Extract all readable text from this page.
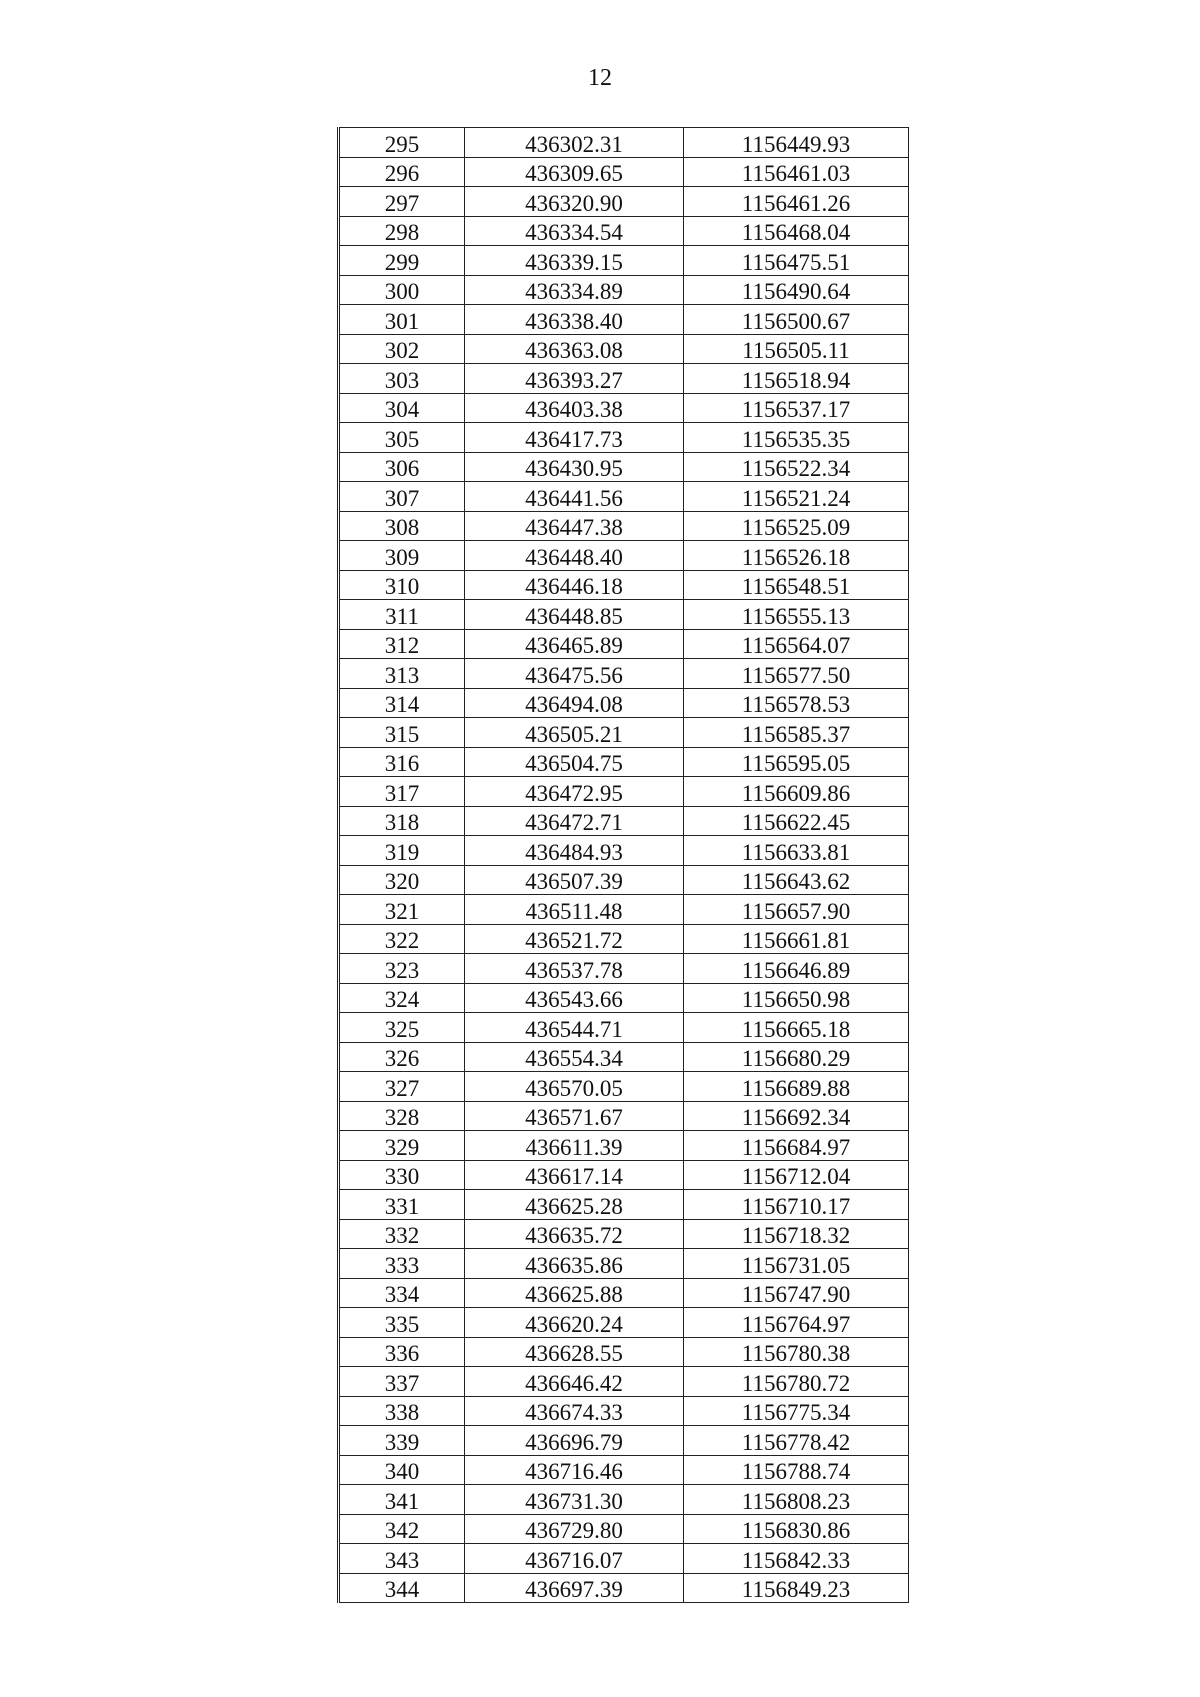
12
295	436302.31	1156449.93
296	436309.65	1156461.03
297	436320.90	1156461.26
298	436334.54	1156468.04
299	436339.15	1156475.51
300	436334.89	1156490.64
301	436338.40	1156500.67
302	436363.08	1156505.11
303	436393.27	1156518.94
304	436403.38	1156537.17
305	436417.73	1156535.35
306	436430.95	1156522.34
307	436441.56	1156521.24
308	436447.38	1156525.09
309	436448.40	1156526.18
310	436446.18	1156548.51
311	436448.85	1156555.13
312	436465.89	1156564.07
313	436475.56	1156577.50
314	436494.08	1156578.53
315	436505.21	1156585.37
316	436504.75	1156595.05
317	436472.95	1156609.86
318	436472.71	1156622.45
319	436484.93	1156633.81
320	436507.39	1156643.62
321	436511.48	1156657.90
322	436521.72	1156661.81
323	436537.78	1156646.89
324	436543.66	1156650.98
325	436544.71	1156665.18
326	436554.34	1156680.29
327	436570.05	1156689.88
328	436571.67	1156692.34
329	436611.39	1156684.97
330	436617.14	1156712.04
331	436625.28	1156710.17
332	436635.72	1156718.32
333	436635.86	1156731.05
334	436625.88	1156747.90
335	436620.24	1156764.97
336	436628.55	1156780.38
337	436646.42	1156780.72
338	436674.33	1156775.34
339	436696.79	1156778.42
340	436716.46	1156788.74
341	436731.30	1156808.23
342	436729.80	1156830.86
343	436716.07	1156842.33
344	436697.39	1156849.23
